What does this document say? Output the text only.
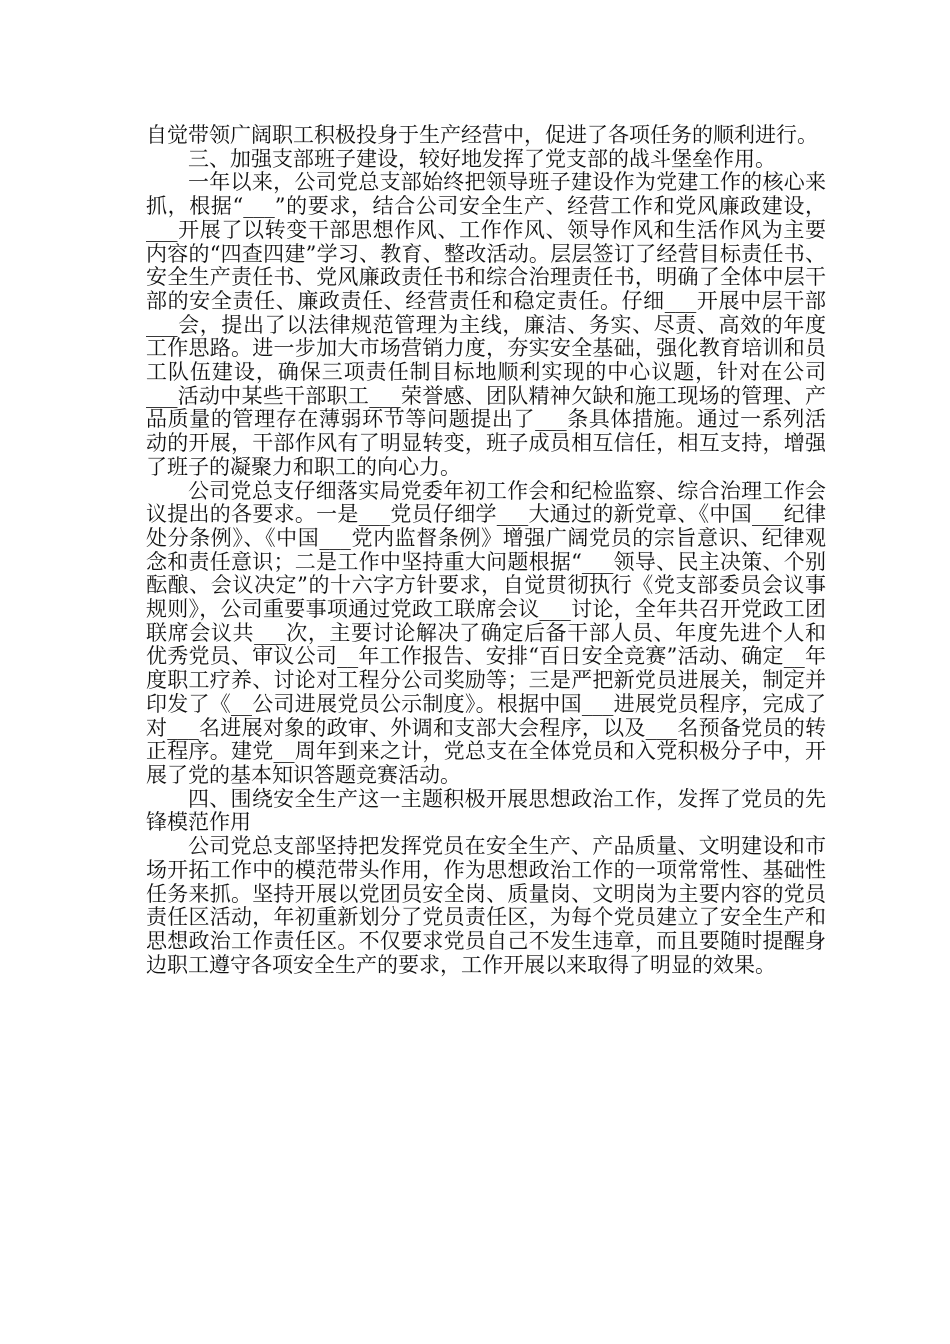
自觉带领广阔职工积极投身于生产经营中，促进了各项任务的顺利进行。

三、加强支部班子建设，较好地发挥了党支部的战斗堡垒作用。

一年以来，公司党总支部始终把领导班子建设作为党建工作的核心来抓，根据“___”的要求，结合公司安全生产、经营工作和党风廉政建设，___开展了以转变干部思想作风、工作作风、领导作风和生活作风为主要内容的“四查四建”学习、教育、整改活动。层层签订了经营目标责任书、安全生产责任书、党风廉政责任书和综合治理责任书，明确了全体中层干部的安全责任、廉政责任、经营责任和稳定责任。仔细___开展中层干部___会，提出了以法律规范管理为主线，廉洁、务实、尽责、高效的年度工作思路。进一步加大市场营销力度，夯实安全基础，强化教育培训和员工队伍建设，确保三项责任制目标地顺利实现的中心议题，针对在公司___活动中某些干部职工___荣誉感、团队精神欠缺和施工现场的管理、产品质量的管理存在薄弱环节等问题提出了___条具体措施。通过一系列活动的开展，干部作风有了明显转变，班子成员相互信任，相互支持，增强了班子的凝聚力和职工的向心力。

公司党总支仔细落实局党委年初工作会和纪检监察、综合治理工作会议提出的各要求。一是___党员仔细学___大通过的新党章、《中国___纪律处分条例》、《中国___党内监督条例》增强广阔党员的宗旨意识、纪律观念和责任意识；二是工作中坚持重大问题根据“___领导、民主决策、个别酝酿、会议决定”的十六字方针要求，自觉贯彻执行《党支部委员会议事规则》，公司重要事项通过党政工联席会议___讨论，全年共召开党政工团联席会议共___次，主要讨论解决了确定后备干部人员、年度先进个人和优秀党员、审议公司__年工作报告、安排“百日安全竞赛”活动、确定__年度职工疗养、讨论对工程分公司奖励等；三是严把新党员进展关，制定并印发了《__公司进展党员公示制度》。根据中国___进展党员程序，完成了对___名进展对象的政审、外调和支部大会程序，以及___名预备党员的转正程序。建党__周年到来之计，党总支在全体党员和入党积极分子中，开展了党的基本知识答题竞赛活动。

四、围绕安全生产这一主题积极开展思想政治工作，发挥了党员的先锋模范作用

公司党总支部坚持把发挥党员在安全生产、产品质量、文明建设和市场开拓工作中的模范带头作用，作为思想政治工作的一项常常性、基础性任务来抓。坚持开展以党团员安全岗、质量岗、文明岗为主要内容的党员责任区活动，年初重新划分了党员责任区，为每个党员建立了安全生产和思想政治工作责任区。不仅要求党员自己不发生违章，而且要随时提醒身边职工遵守各项安全生产的要求，工作开展以来取得了明显的效果。
